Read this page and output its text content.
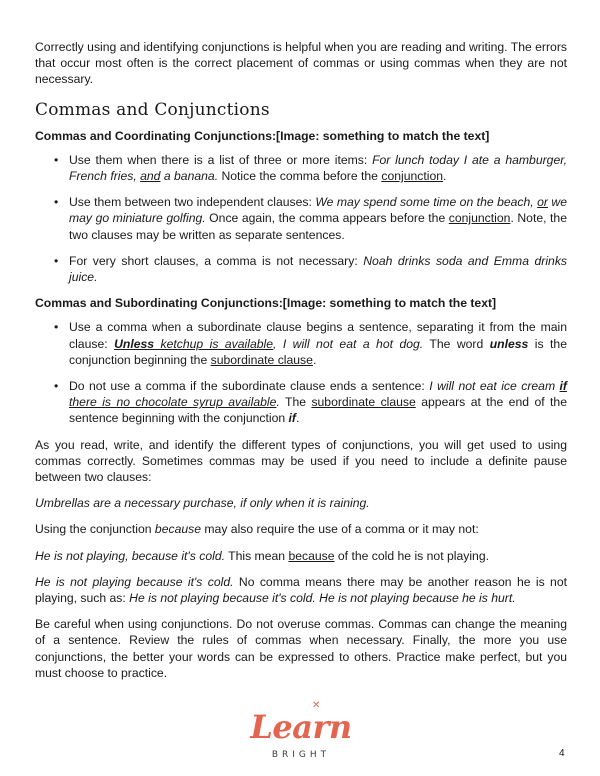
Correctly using and identifying conjunctions is helpful when you are reading and writing. The errors that occur most often is the correct placement of commas or using commas when they are not necessary.

Commas and Conjunctions

Commas and Coordinating Conjunctions:[Image: something to match the text]

• Use them when there is a list of three or more items: For lunch today I ate a hamburger, French fries, and a banana. Notice the comma before the conjunction.
• Use them between two independent clauses: We may spend some time on the beach, or we may go miniature golfing. Once again, the comma appears before the conjunction. Note, the two clauses may be written as separate sentences.
• For very short clauses, a comma is not necessary: Noah drinks soda and Emma drinks juice.

Commas and Subordinating Conjunctions:[Image: something to match the text]

• Use a comma when a subordinate clause begins a sentence, separating it from the main clause: Unless ketchup is available, I will not eat a hot dog. The word unless is the conjunction beginning the subordinate clause.
• Do not use a comma if the subordinate clause ends a sentence: I will not eat ice cream if there is no chocolate syrup available. The subordinate clause appears at the end of the sentence beginning with the conjunction if.

As you read, write, and identify the different types of conjunctions, you will get used to using commas correctly. Sometimes commas may be used if you need to include a definite pause between two clauses:

Umbrellas are a necessary purchase, if only when it is raining.

Using the conjunction because may also require the use of a comma or it may not:

He is not playing, because it's cold. This mean because of the cold he is not playing.

He is not playing because it's cold. No comma means there may be another reason he is not playing, such as: He is not playing because it's cold. He is not playing because he is hurt.

Be careful when using conjunctions. Do not overuse commas. Commas can change the meaning of a sentence. Review the rules of commas when necessary. Finally, the more you use conjunctions, the better your words can be expressed to others. Practice make perfect, but you must choose to practice.

✕
Learn
BRIGHT	4
